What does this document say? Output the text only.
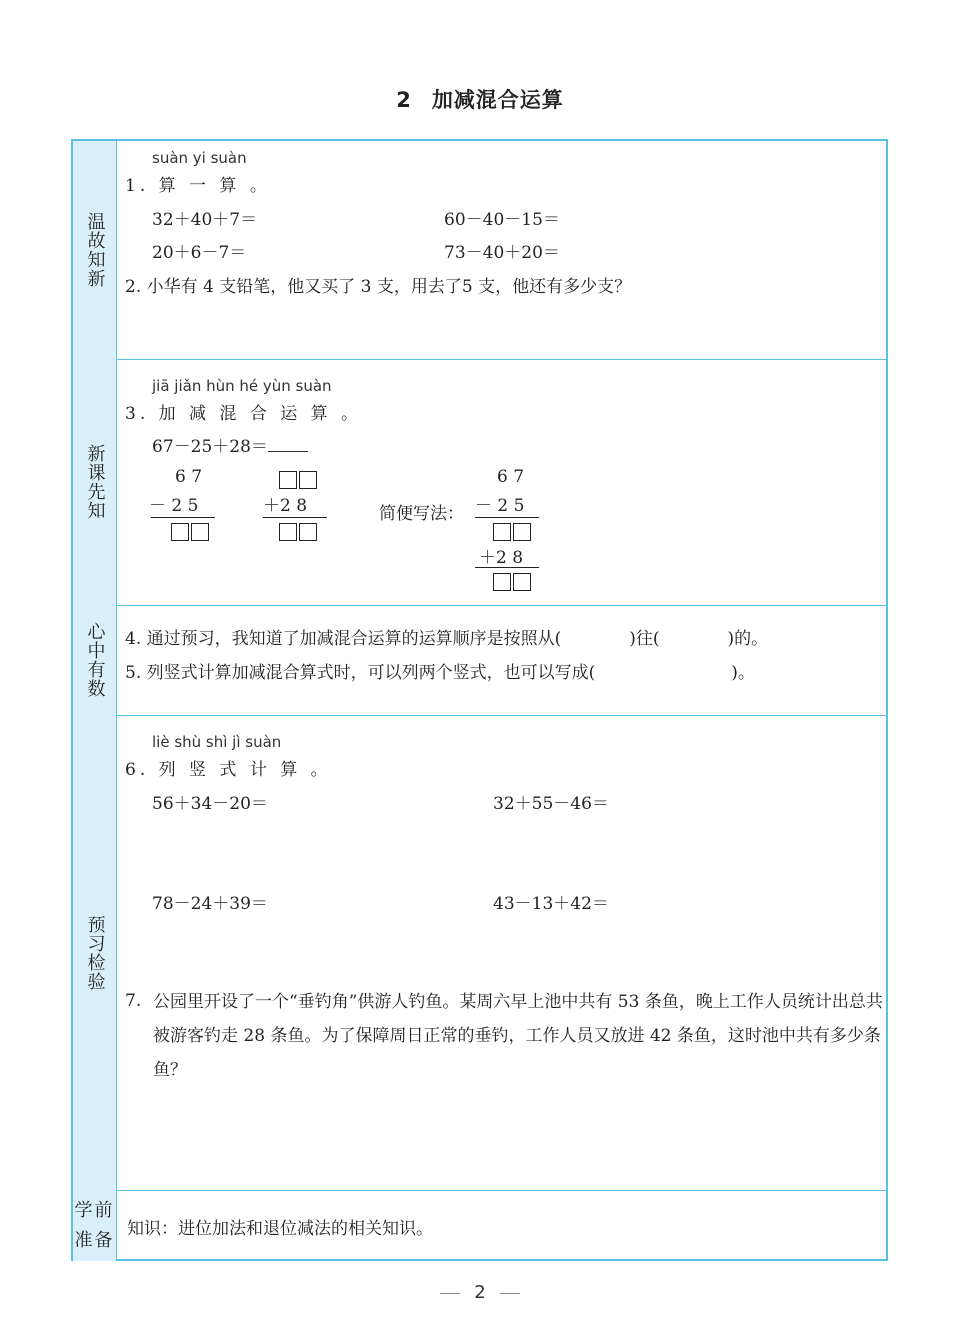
2 加减混合运算
温故知新
suàn yi suàn
1. 算 一 算 。
32＋40＋7＝	60－40－15＝
20＋6－7＝	73－40＋20＝
2. 小华有 4 支铅笔，他又买了 3 支，用去了5 支，他还有多少支？
新课先知
jiā jiǎn hùn hé yùn suàn
3. 加 减 混 合 运 算 。
67－25＋28＝
6 7
－ 2 5	＋2 8	简便写法：
6 7
－ 2 5
＋2 8
心中有数 4. 通过预习，我知道了加减混合运算的运算顺序是按照从(　　　　)往(　　　　)的。
5. 列竖式计算加减混合算式时，可以列两个竖式，也可以写成(　　　　　　　　)。
预习检验
liè shù shì jì suàn
6. 列 竖 式 计 算 。
56＋34－20＝	32＋55－46＝
78－24＋39＝	43－13＋42＝
7. 公园里开设了一个“垂钓角”供游人钓鱼。某周六早上池中共有 53 条鱼，晚上工作人员统计出总共被游客钓走 28 条鱼。为了保障周日正常的垂钓，工作人员又放进 42 条鱼，这时池中共有多少条鱼？
学前
准备
知识：进位加法和退位减法的相关知识。
2
